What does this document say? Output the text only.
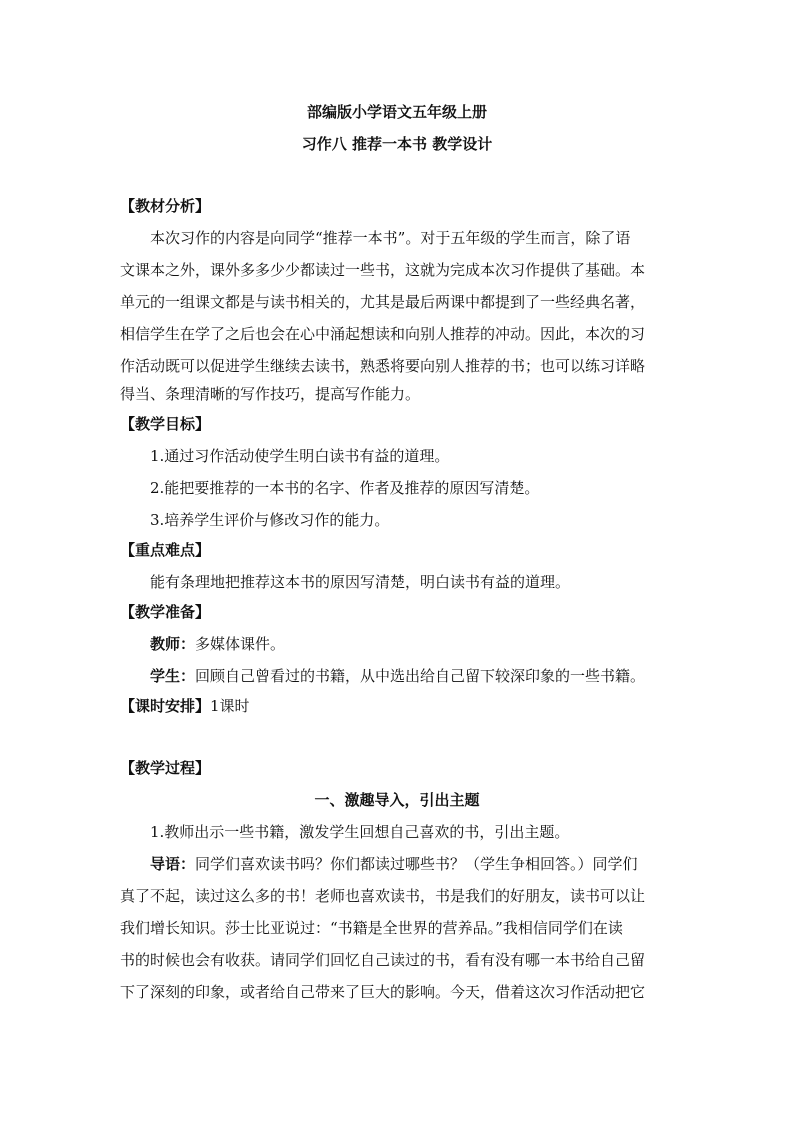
部编版小学语文五年级上册
习作八 推荐一本书 教学设计
【教材分析】
本次习作的内容是向同学“推荐一本书”。对于五年级的学生而言，除了语
文课本之外，课外多多少少都读过一些书，这就为完成本次习作提供了基础。本
单元的一组课文都是与读书相关的，尤其是最后两课中都提到了一些经典名著，
相信学生在学了之后也会在心中涌起想读和向别人推荐的冲动。因此，本次的习
作活动既可以促进学生继续去读书，熟悉将要向别人推荐的书；也可以练习详略
得当、条理清晰的写作技巧，提高写作能力。
【教学目标】
1.通过习作活动使学生明白读书有益的道理。
2.能把要推荐的一本书的名字、作者及推荐的原因写清楚。
3.培养学生评价与修改习作的能力。
【重点难点】
能有条理地把推荐这本书的原因写清楚，明白读书有益的道理。
【教学准备】
教师：多媒体课件。
学生：回顾自己曾看过的书籍，从中选出给自己留下较深印象的一些书籍。
【课时安排】1课时
【教学过程】
一、激趣导入，引出主题
1.教师出示一些书籍，激发学生回想自己喜欢的书，引出主题。
导语：同学们喜欢读书吗？你们都读过哪些书？（学生争相回答。）同学们
真了不起，读过这么多的书！老师也喜欢读书，书是我们的好朋友，读书可以让
我们增长知识。莎士比亚说过：“书籍是全世界的营养品。”我相信同学们在读
书的时候也会有收获。请同学们回忆自己读过的书，看有没有哪一本书给自己留
下了深刻的印象，或者给自己带来了巨大的影响。今天，借着这次习作活动把它
